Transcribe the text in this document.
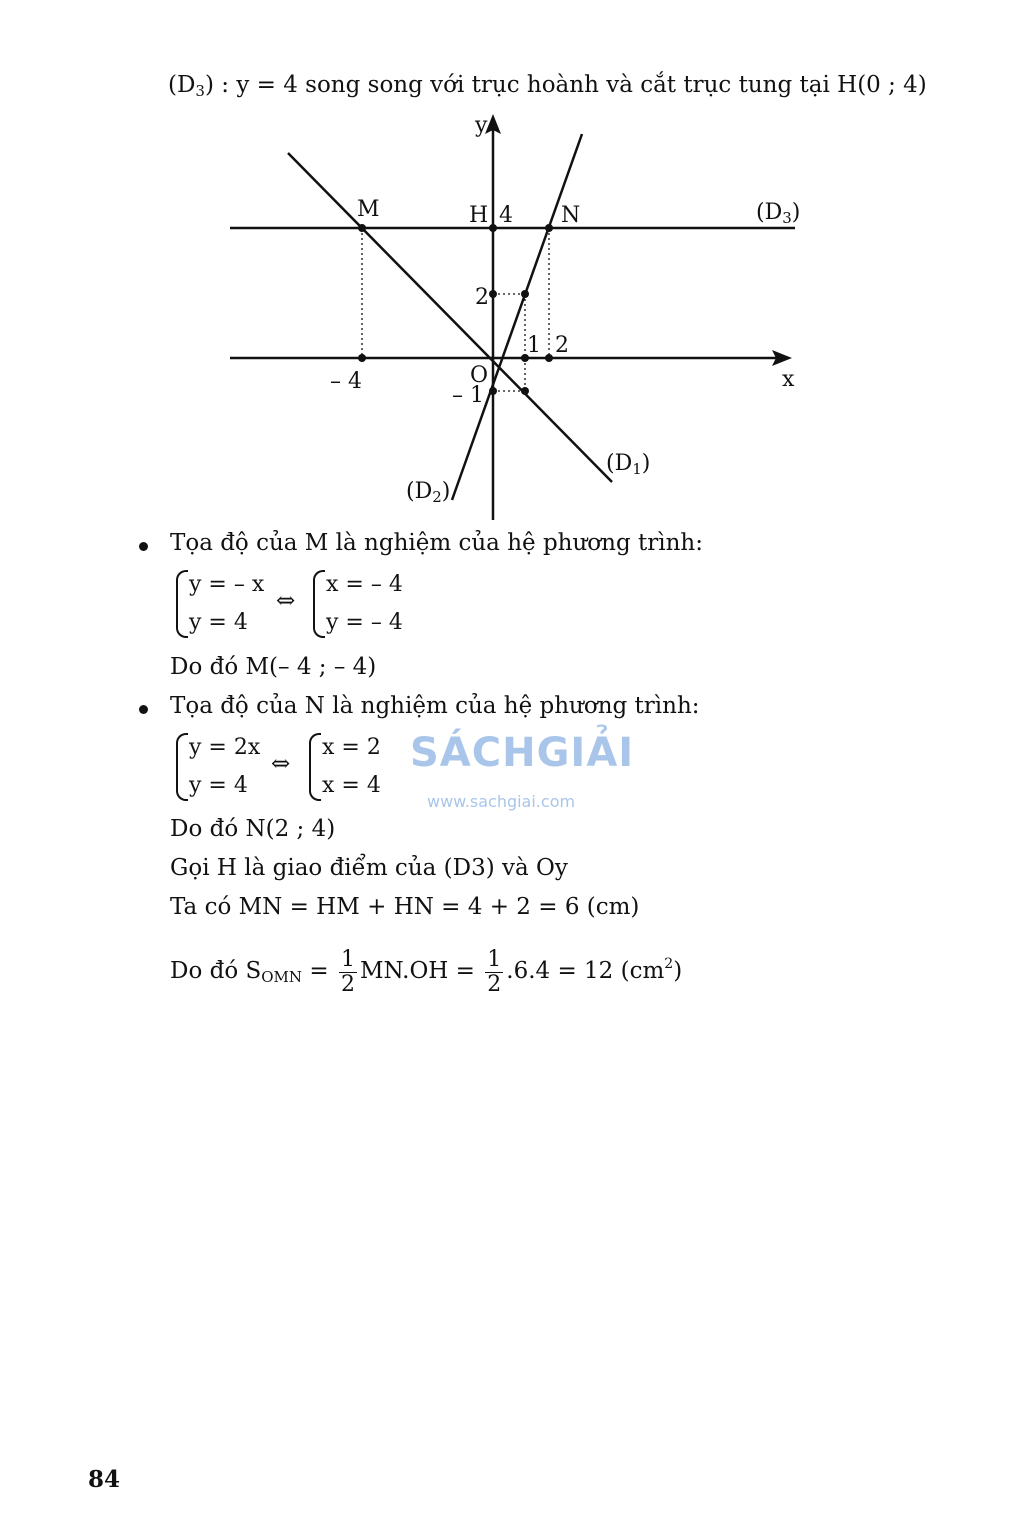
$(D_3)$ : y = 4 song song với trục hoành và cắt trục tung tại H(0 ; 4)
y
x
O
M	H 4 N
2
1 2
– 4
– 1
(D3)
(D1)
(D2)
Tọa độ của M là nghiệm của hệ phương trình:
y = – x
y = 4
⇔
x = – 4
y = – 4
Do đó M(– 4 ; – 4)
Tọa độ của N là nghiệm của hệ phương trình:
y = 2x
y = 4
⇔
x = 2
x = 4
SÁCHGIẢI
www.sachgiai.com
Do đó N(2 ; 4)
Gọi H là giao điểm của (D3) và Oy
Ta có MN = HM + HN = 4 + 2 = 6 (cm)
Do đó $S_{OMN} = \frac{1}{2} MN.OH = \frac{1}{2} .6.4 = 12$ $(cm^2)$
84
